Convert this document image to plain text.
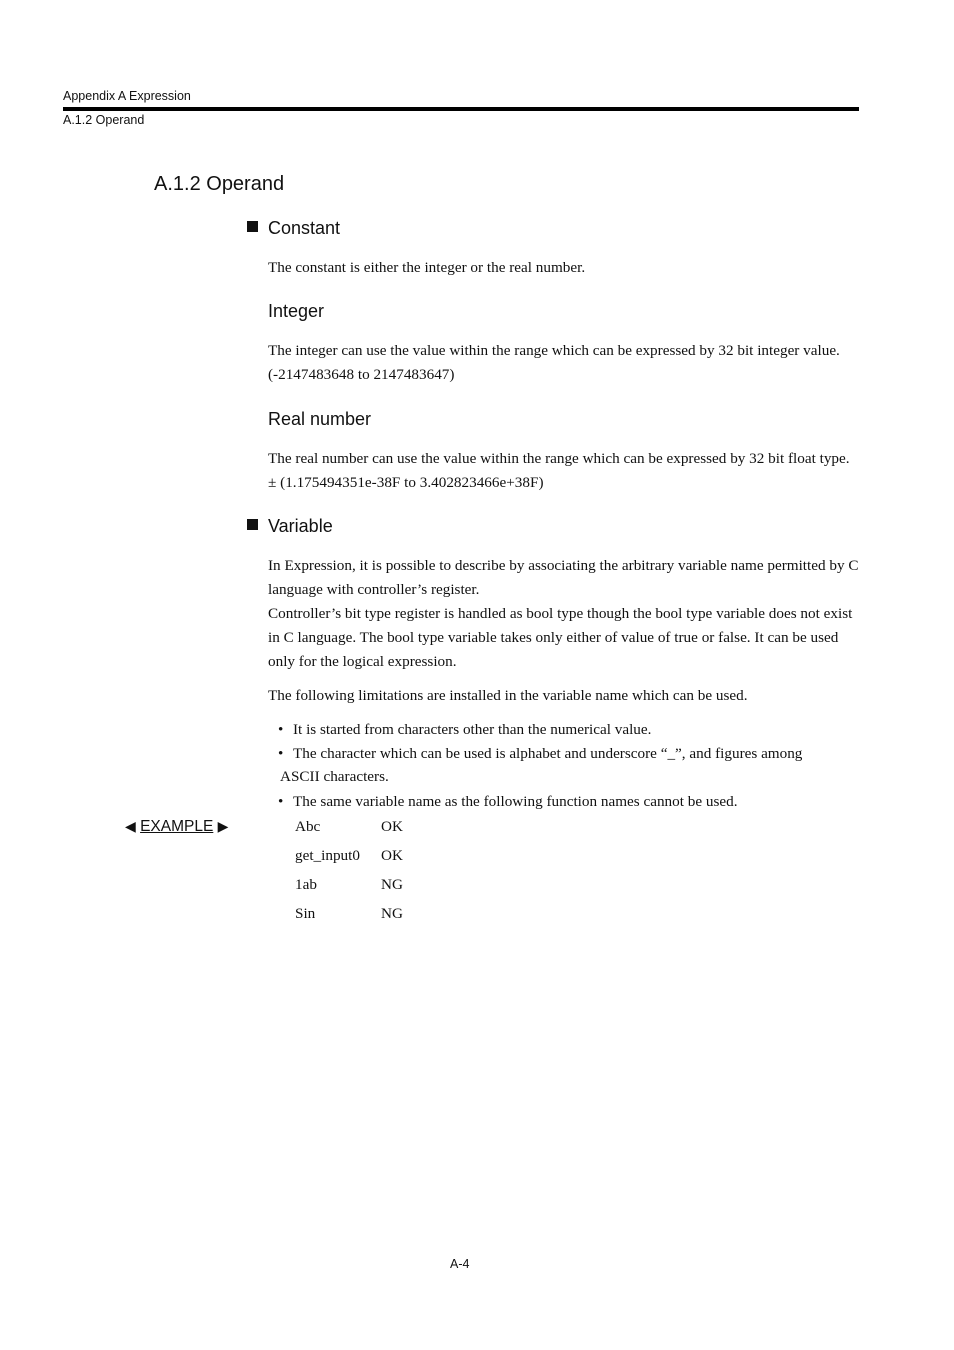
Appendix A Expression
A.1.2 Operand
A.1.2 Operand
Constant
The constant is either the integer or the real number.
Integer
The integer can use the value within the range which can be expressed by 32 bit integer value. (-2147483648 to 2147483647)
Real number
The real number can use the value within the range which can be expressed by 32 bit float type. ± (1.175494351e-38F to 3.402823466e+38F)
Variable

In Expression, it is possible to describe by associating the arbitrary variable name permitted by C language with controller’s register.

Controller’s bit type register is handled as bool type though the bool type variable does not exist in C language. The bool type variable takes only either of value of true or false. It can be used only for the logical expression.

The following limitations are installed in the variable name which can be used.
• It is started from characters other than the numerical value.
• The character which can be used is alphabet and underscore “_”, and figures among
ASCII characters.
• The same variable name as the following function names cannot be used.
◀ EXAMPLE ▶	Abc	OK
get_input0 OK
1ab	NG
Sin	NG
A-4
